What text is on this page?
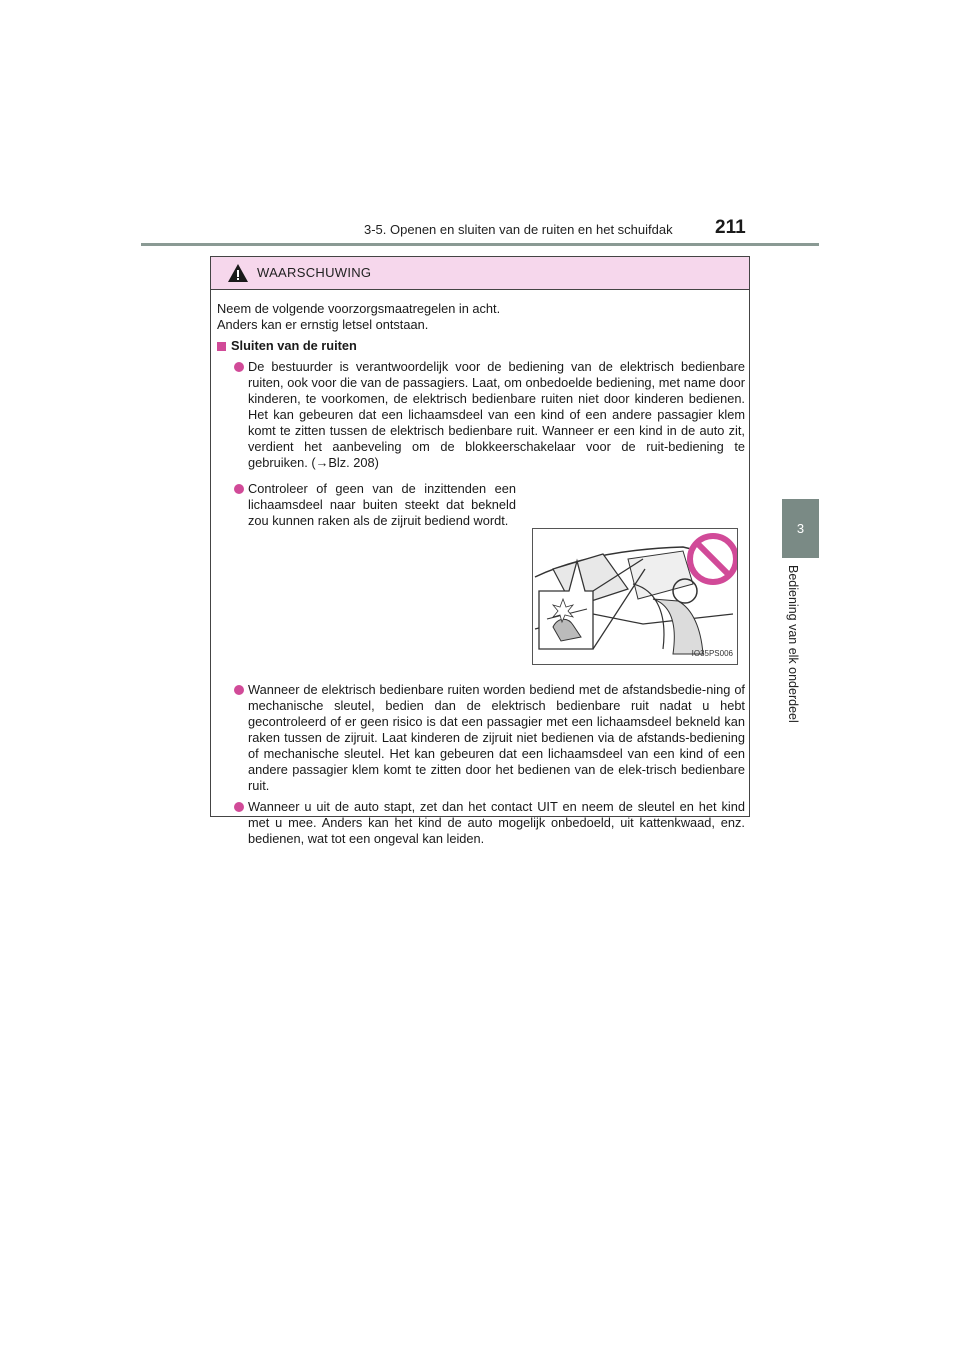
3-5. Openen en sluiten van de ruiten en het schuifdak 211
3
Bediening van elk onderdeel
WAARSCHUWING

Neem de volgende voorzorgsmaatregelen in acht.
Anders kan er ernstig letsel ontstaan.

Sluiten van de ruiten
De bestuurder is verantwoordelijk voor de bediening van de elektrisch bedienbare ruiten, ook voor die van de passagiers. Laat, om onbedoelde bediening, met name door kinderen, te voorkomen, de elektrisch bedienbare ruiten niet door kinderen bedienen. Het kan gebeuren dat een lichaamsdeel van een kind of een andere passagier klem komt te zitten tussen de elektrisch bedienbare ruit. Wanneer er een kind in de auto zit, verdient het aanbeveling om de blokkeerschakelaar voor de ruit-bediening te gebruiken. (→Blz. 208)
Controleer of geen van de inzittenden een lichaamsdeel naar buiten steekt dat bekneld zou kunnen raken als de zijruit bediend wordt.
IO35PS006
Wanneer de elektrisch bedienbare ruiten worden bediend met de afstandsbedie-ning of mechanische sleutel, bedien dan de elektrisch bedienbare ruit nadat u hebt gecontroleerd of er geen risico is dat een passagier met een lichaamsdeel bekneld kan raken tussen de zijruit. Laat kinderen de zijruit niet bedienen via de afstands-bediening of mechanische sleutel. Het kan gebeuren dat een lichaamsdeel van een kind of een andere passagier klem komt te zitten door het bedienen van de elek-trisch bedienbare ruit.
Wanneer u uit de auto stapt, zet dan het contact UIT en neem de sleutel en het kind met u mee. Anders kan het kind de auto mogelijk onbedoeld, uit kattenkwaad, enz. bedienen, wat tot een ongeval kan leiden.
